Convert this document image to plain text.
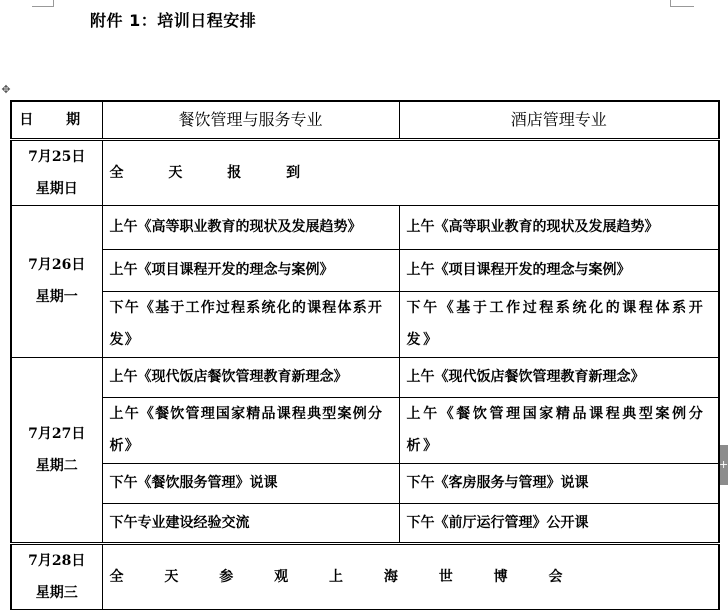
✥
+
附件 1：培训日程安排
日 期	餐饮管理与服务专业	酒店管理专业

7月25日
星期日	全 天 报 到	

7月26日
星期一	上午《高等职业教育的现状及发展趋势》	上午《高等职业教育的现状及发展趋势》
	上午《项目课程开发的理念与案例》	上午《项目课程开发的理念与案例》
	下午《基于工作过程系统化的课程体系开发》	下午《基于工作过程系统化的课程体系开发》

7月27日
星期二	上午《现代饭店餐饮管理教育新理念》	上午《现代饭店餐饮管理教育新理念》
	上午《餐饮管理国家精品课程典型案例分析》	上午《餐饮管理国家精品课程典型案例分析》
	下午《餐饮服务管理》说课	下午《客房服务与管理》说课
	下午专业建设经验交流	下午《前厅运行管理》公开课

7月28日
星期三	全 天 参 观 上 海 世 博 会	
